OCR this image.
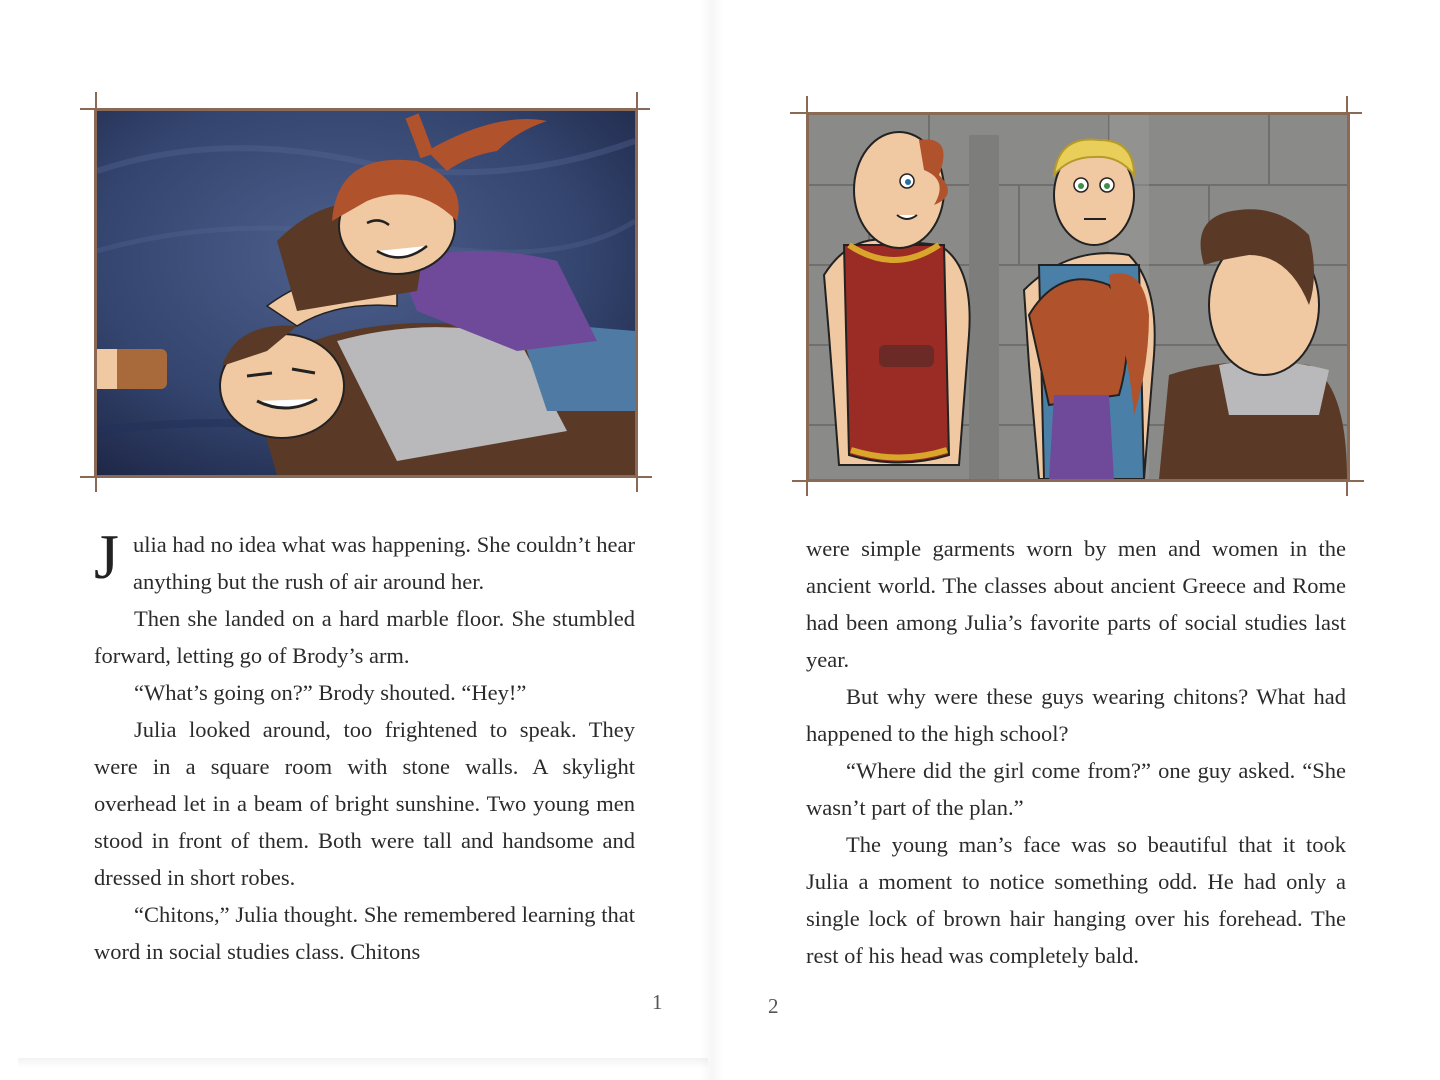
J ulia had no idea what was happening. She couldn’t hear anything but the rush of air around her.

Then she landed on a hard marble floor. She stumbled forward, letting go of Brody’s arm.

“What’s going on?” Brody shouted. “Hey!”

Julia looked around, too frightened to speak. They were in a square room with stone walls. A skylight overhead let in a beam of bright sunshine. Two young men stood in front of them. Both were tall and handsome and dressed in short robes.

“Chitons,” Julia thought. She remembered learning that word in social studies class. Chitons

1

were simple garments worn by men and women in the ancient world. The classes about ancient Greece and Rome had been among Julia’s favorite parts of social studies last year.

But why were these guys wearing chitons? What had happened to the high school?

“Where did the girl come from?” one guy asked. “She wasn’t part of the plan.”

The young man’s face was so beautiful that it took Julia a moment to notice something odd. He had only a single lock of brown hair hanging over his forehead. The rest of his head was completely bald.

2
